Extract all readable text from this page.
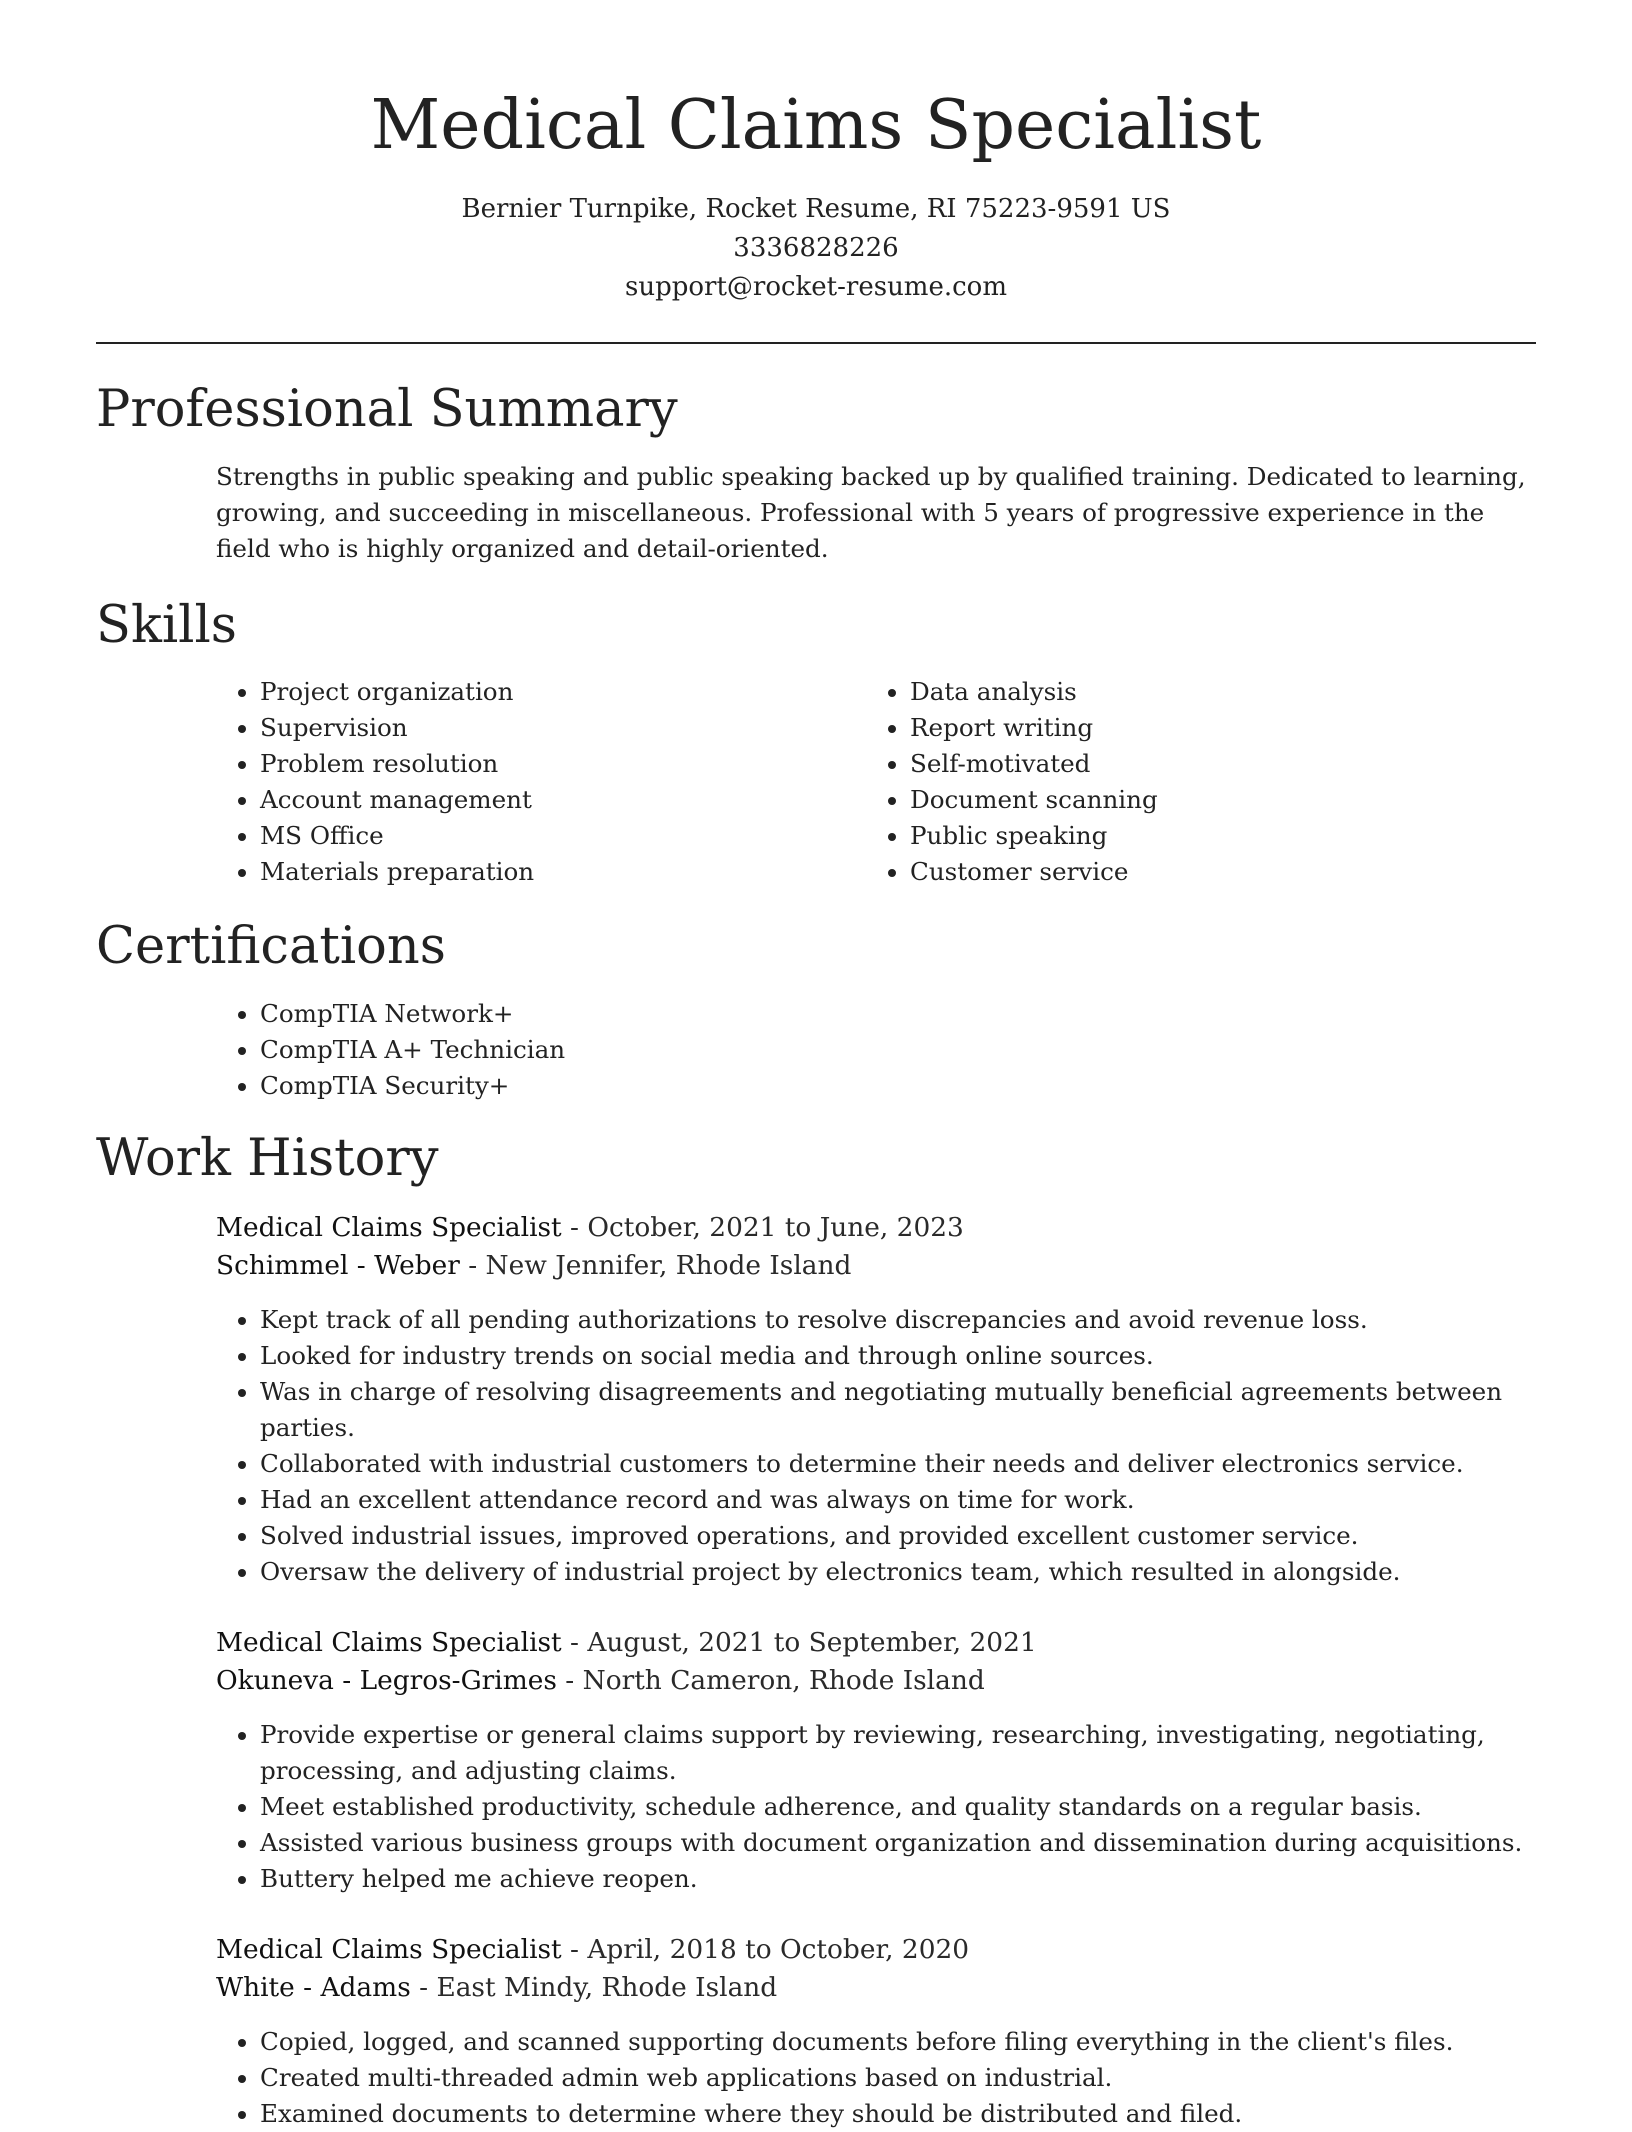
Medical Claims Specialist
Bernier Turnpike, Rocket Resume, RI 75223-9591 US
3336828226
support@rocket-resume.com
Professional Summary

Strengths in public speaking and public speaking backed up by qualified training. Dedicated to learning, growing, and succeeding in miscellaneous. Professional with 5 years of progressive experience in the field who is highly organized and detail-oriented.

Skills
• Project organization
• Supervision
• Problem resolution
• Account management
• MS Office
• Materials preparation
• Data analysis
• Report writing
• Self-motivated
• Document scanning
• Public speaking
• Customer service
Certifications
• CompTIA Network+
• CompTIA A+ Technician
• CompTIA Security+
Work History
Medical Claims Specialist - October, 2021 to June, 2023
Schimmel - Weber - New Jennifer, Rhode Island
• Kept track of all pending authorizations to resolve discrepancies and avoid revenue loss.
• Looked for industry trends on social media and through online sources.
• Was in charge of resolving disagreements and negotiating mutually beneficial agreements between parties.
• Collaborated with industrial customers to determine their needs and deliver electronics service.
• Had an excellent attendance record and was always on time for work.
• Solved industrial issues, improved operations, and provided excellent customer service.
• Oversaw the delivery of industrial project by electronics team, which resulted in alongside.
Medical Claims Specialist - August, 2021 to September, 2021
Okuneva - Legros-Grimes - North Cameron, Rhode Island
• Provide expertise or general claims support by reviewing, researching, investigating, negotiating, processing, and adjusting claims.
• Meet established productivity, schedule adherence, and quality standards on a regular basis.
• Assisted various business groups with document organization and dissemination during acquisitions.
• Buttery helped me achieve reopen.
Medical Claims Specialist - April, 2018 to October, 2020
White - Adams - East Mindy, Rhode Island
• Copied, logged, and scanned supporting documents before filing everything in the client's files.
• Created multi-threaded admin web applications based on industrial.
• Examined documents to determine where they should be distributed and filed.
